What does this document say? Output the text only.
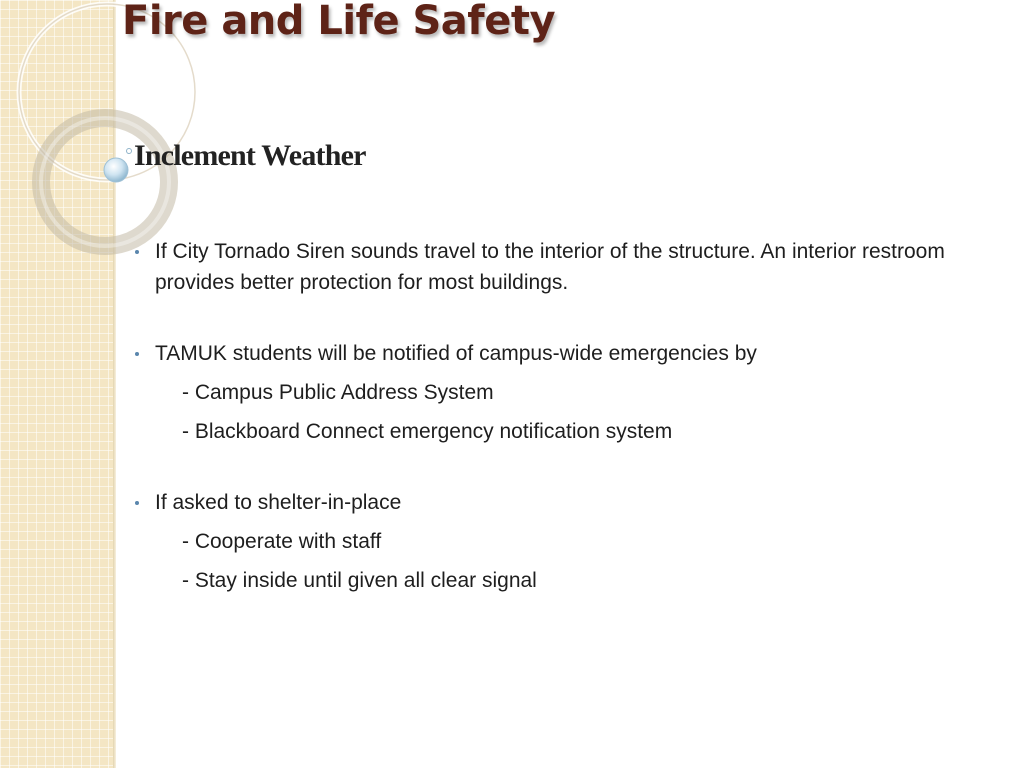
Fire and Life Safety
Inclement Weather
If City Tornado Siren sounds travel to the interior of the structure. An interior restroom provides better protection for most buildings.
TAMUK students will be notified of campus-wide emergencies by
- Campus Public Address System
- Blackboard Connect emergency notification system
If asked to shelter-in-place
- Cooperate with staff
- Stay inside until given all clear signal
